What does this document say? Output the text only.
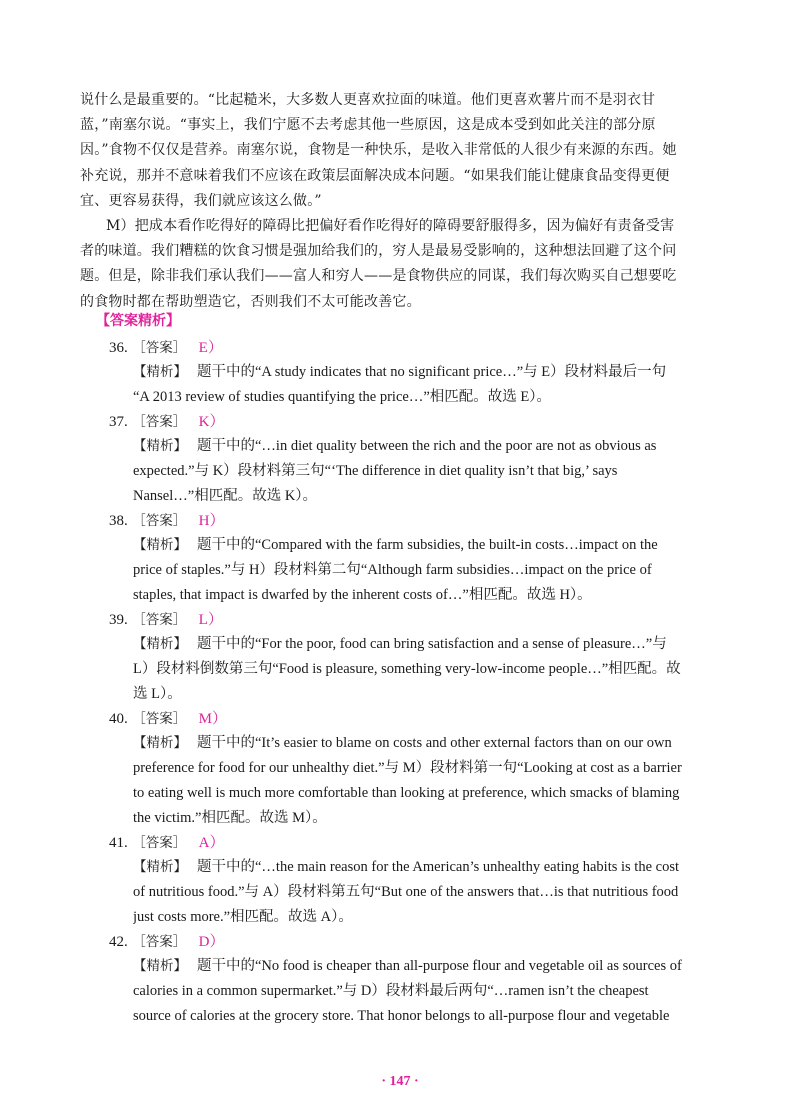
说什么是最重要的。“比起糙米，大多数人更喜欢拉面的味道。他们更喜欢薯片而不是羽衣甘
蓝，”南塞尔说。“事实上，我们宁愿不去考虑其他一些原因，这是成本受到如此关注的部分原
因。”食物不仅仅是营养。南塞尔说，食物是一种快乐，是收入非常低的人很少有来源的东西。她
补充说，那并不意味着我们不应该在政策层面解决成本问题。“如果我们能让健康食品变得更便
宜、更容易获得，我们就应该这么做。”
M）把成本看作吃得好的障碍比把偏好看作吃得好的障碍要舒服得多，因为偏好有责备受害
者的味道。我们糟糕的饮食习惯是强加给我们的，穷人是最易受影响的，这种想法回避了这个问
题。但是，除非我们承认我们——富人和穷人——是食物供应的同谋，我们每次购买自己想要吃
的食物时都在帮助塑造它，否则我们不太可能改善它。
【答案精析】
36. ［答案］ E）
【精析】 题干中的“A study indicates that no significant price…”与 E）段材料最后一句
“A 2013 review of studies quantifying the price…”相匹配。故选 E）。
37. ［答案］ K）
【精析】 题干中的“…in diet quality between the rich and the poor are not as obvious as
expected.”与 K）段材料第三句“‘The difference in diet quality isn’t that big,’ says
Nansel…”相匹配。故选 K）。
38. ［答案］ H）
【精析】 题干中的“Compared with the farm subsidies, the built-in costs…impact on the
price of staples.”与 H）段材料第二句“Although farm subsidies…impact on the price of
staples, that impact is dwarfed by the inherent costs of…”相匹配。故选 H）。
39. ［答案］ L）
【精析】 题干中的“For the poor, food can bring satisfaction and a sense of pleasure…”与
L）段材料倒数第三句“Food is pleasure, something very-low-income people…”相匹配。故
选 L）。
40. ［答案］ M）
【精析】 题干中的“It’s easier to blame on costs and other external factors than on our own
preference for food for our unhealthy diet.”与 M）段材料第一句“Looking at cost as a barrier
to eating well is much more comfortable than looking at preference, which smacks of blaming
the victim.”相匹配。故选 M）。
41. ［答案］ A）
【精析】 题干中的“…the main reason for the American’s unhealthy eating habits is the cost
of nutritious food.”与 A）段材料第五句“But one of the answers that…is that nutritious food
just costs more.”相匹配。故选 A）。
42. ［答案］ D）
【精析】 题干中的“No food is cheaper than all-purpose flour and vegetable oil as sources of
calories in a common supermarket.”与 D）段材料最后两句“…ramen isn’t the cheapest
source of calories at the grocery store. That honor belongs to all-purpose flour and vegetable
· 147 ·
